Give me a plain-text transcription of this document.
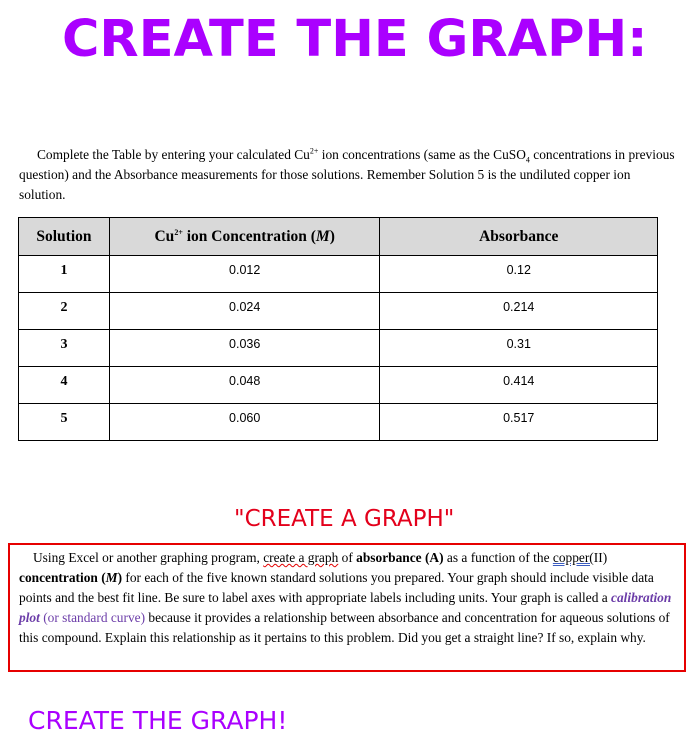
CREATE THE GRAPH:
Complete the Table by entering your calculated $Cu^{2+}$ ion concentrations (same as the CuSO$_4$ concentrations in previous question) and the Absorbance measurements for those solutions. Remember Solution 5 is the undiluted copper ion solution.
Solution	$Cu^{2+}$ ion Concentration (M)	Absorbance
1	0.012	0.12
2	0.024	0.214
3	0.036	0.31
4	0.048	0.414
5	0.060	0.517
"CREATE A GRAPH"
Using Excel or another graphing program, create a graph of absorbance (A) as a function of the copper(II) concentration (M) for each of the five known standard solutions you prepared. Your graph should include visible data points and the best fit line. Be sure to label axes with appropriate labels including units. Your graph is called a calibration plot (or standard curve) because it provides a relationship between absorbance and concentration for aqueous solutions of this compound. Explain this relationship as it pertains to this problem. Did you get a straight line? If so, explain why.
CREATE THE GRAPH!
